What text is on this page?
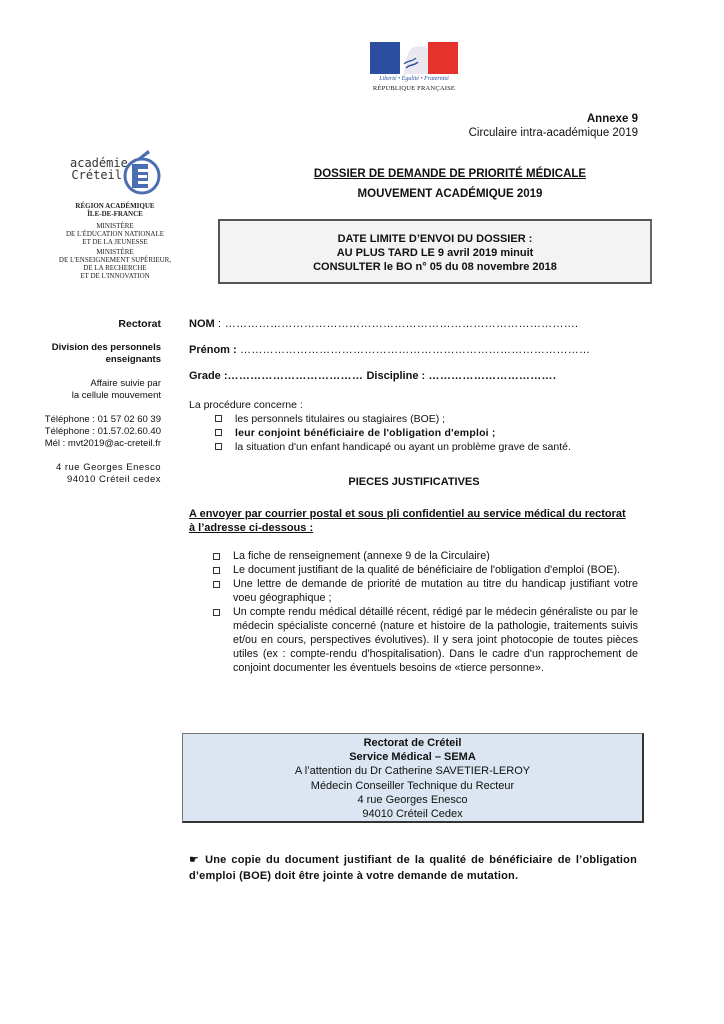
Liberté • Égalité • Fraternité
RÉPUBLIQUE FRANÇAISE
Annexe 9
Circulaire intra-académique 2019
académie
Créteil
RÉGION ACADÉMIQUE
ÎLE-DE-FRANCE
MINISTÈRE
DE L'ÉDUCATION NATIONALE
ET DE LA JEUNESSE
MINISTÈRE
DE L'ENSEIGNEMENT SUPÉRIEUR,
DE LA RECHERCHE
ET DE L'INNOVATION
Rectorat
Division des personnels
enseignants
Affaire suivie par
la cellule mouvement
Téléphone : 01 57 02 60 39
Téléphone : 01.57.02.60.40
Mél : mvt2019@ac-creteil.fr
4 rue Georges Enesco
94010 Créteil cedex
DOSSIER DE DEMANDE DE PRIORITÉ MÉDICALE
MOUVEMENT ACADÉMIQUE 2019
DATE LIMITE D’ENVOI DU DOSSIER :
AU PLUS TARD LE 9 avril 2019 minuit
CONSULTER le BO n° 05 du 08 novembre 2018
NOM : ………………………………………………………………………………….
Prénom : …………………………………………………………………………………
Grade :……………………………… Discipline : …………………………….
La procédure concerne :
les personnels titulaires ou stagiaires (BOE) ;
leur conjoint bénéficiaire de l'obligation d'emploi ;
la situation d'un enfant handicapé ou ayant un problème grave de santé.
PIECES JUSTIFICATIVES
A envoyer par courrier postal et sous pli confidentiel au service médical du rectorat à l’adresse ci-dessous :
La fiche de renseignement (annexe 9 de la Circulaire)
Le document justifiant de la qualité de bénéficiaire de l'obligation d'emploi (BOE).
Une lettre de demande de priorité de mutation au titre du handicap justifiant votre voeu géographique ;
Un compte rendu médical détaillé récent, rédigé par le médecin généraliste ou par le médecin spécialiste concerné (nature et histoire de la pathologie, traitements suivis et/ou en cours, perspectives évolutives). Il y sera joint photocopie de toutes pièces utiles (ex : compte-rendu d'hospitalisation). Dans le cadre d'un rapprochement de conjoint documenter les éventuels besoins de «tierce personne».
Rectorat de Créteil
Service Médical – SEMA
A l’attention du Dr Catherine SAVETIER-LEROY
Médecin Conseiller Technique du Recteur
4 rue Georges Enesco
94010 Créteil Cedex
☛ Une copie du document justifiant de la qualité de bénéficiaire de l’obligation d’emploi (BOE) doit être jointe à votre demande de mutation.
